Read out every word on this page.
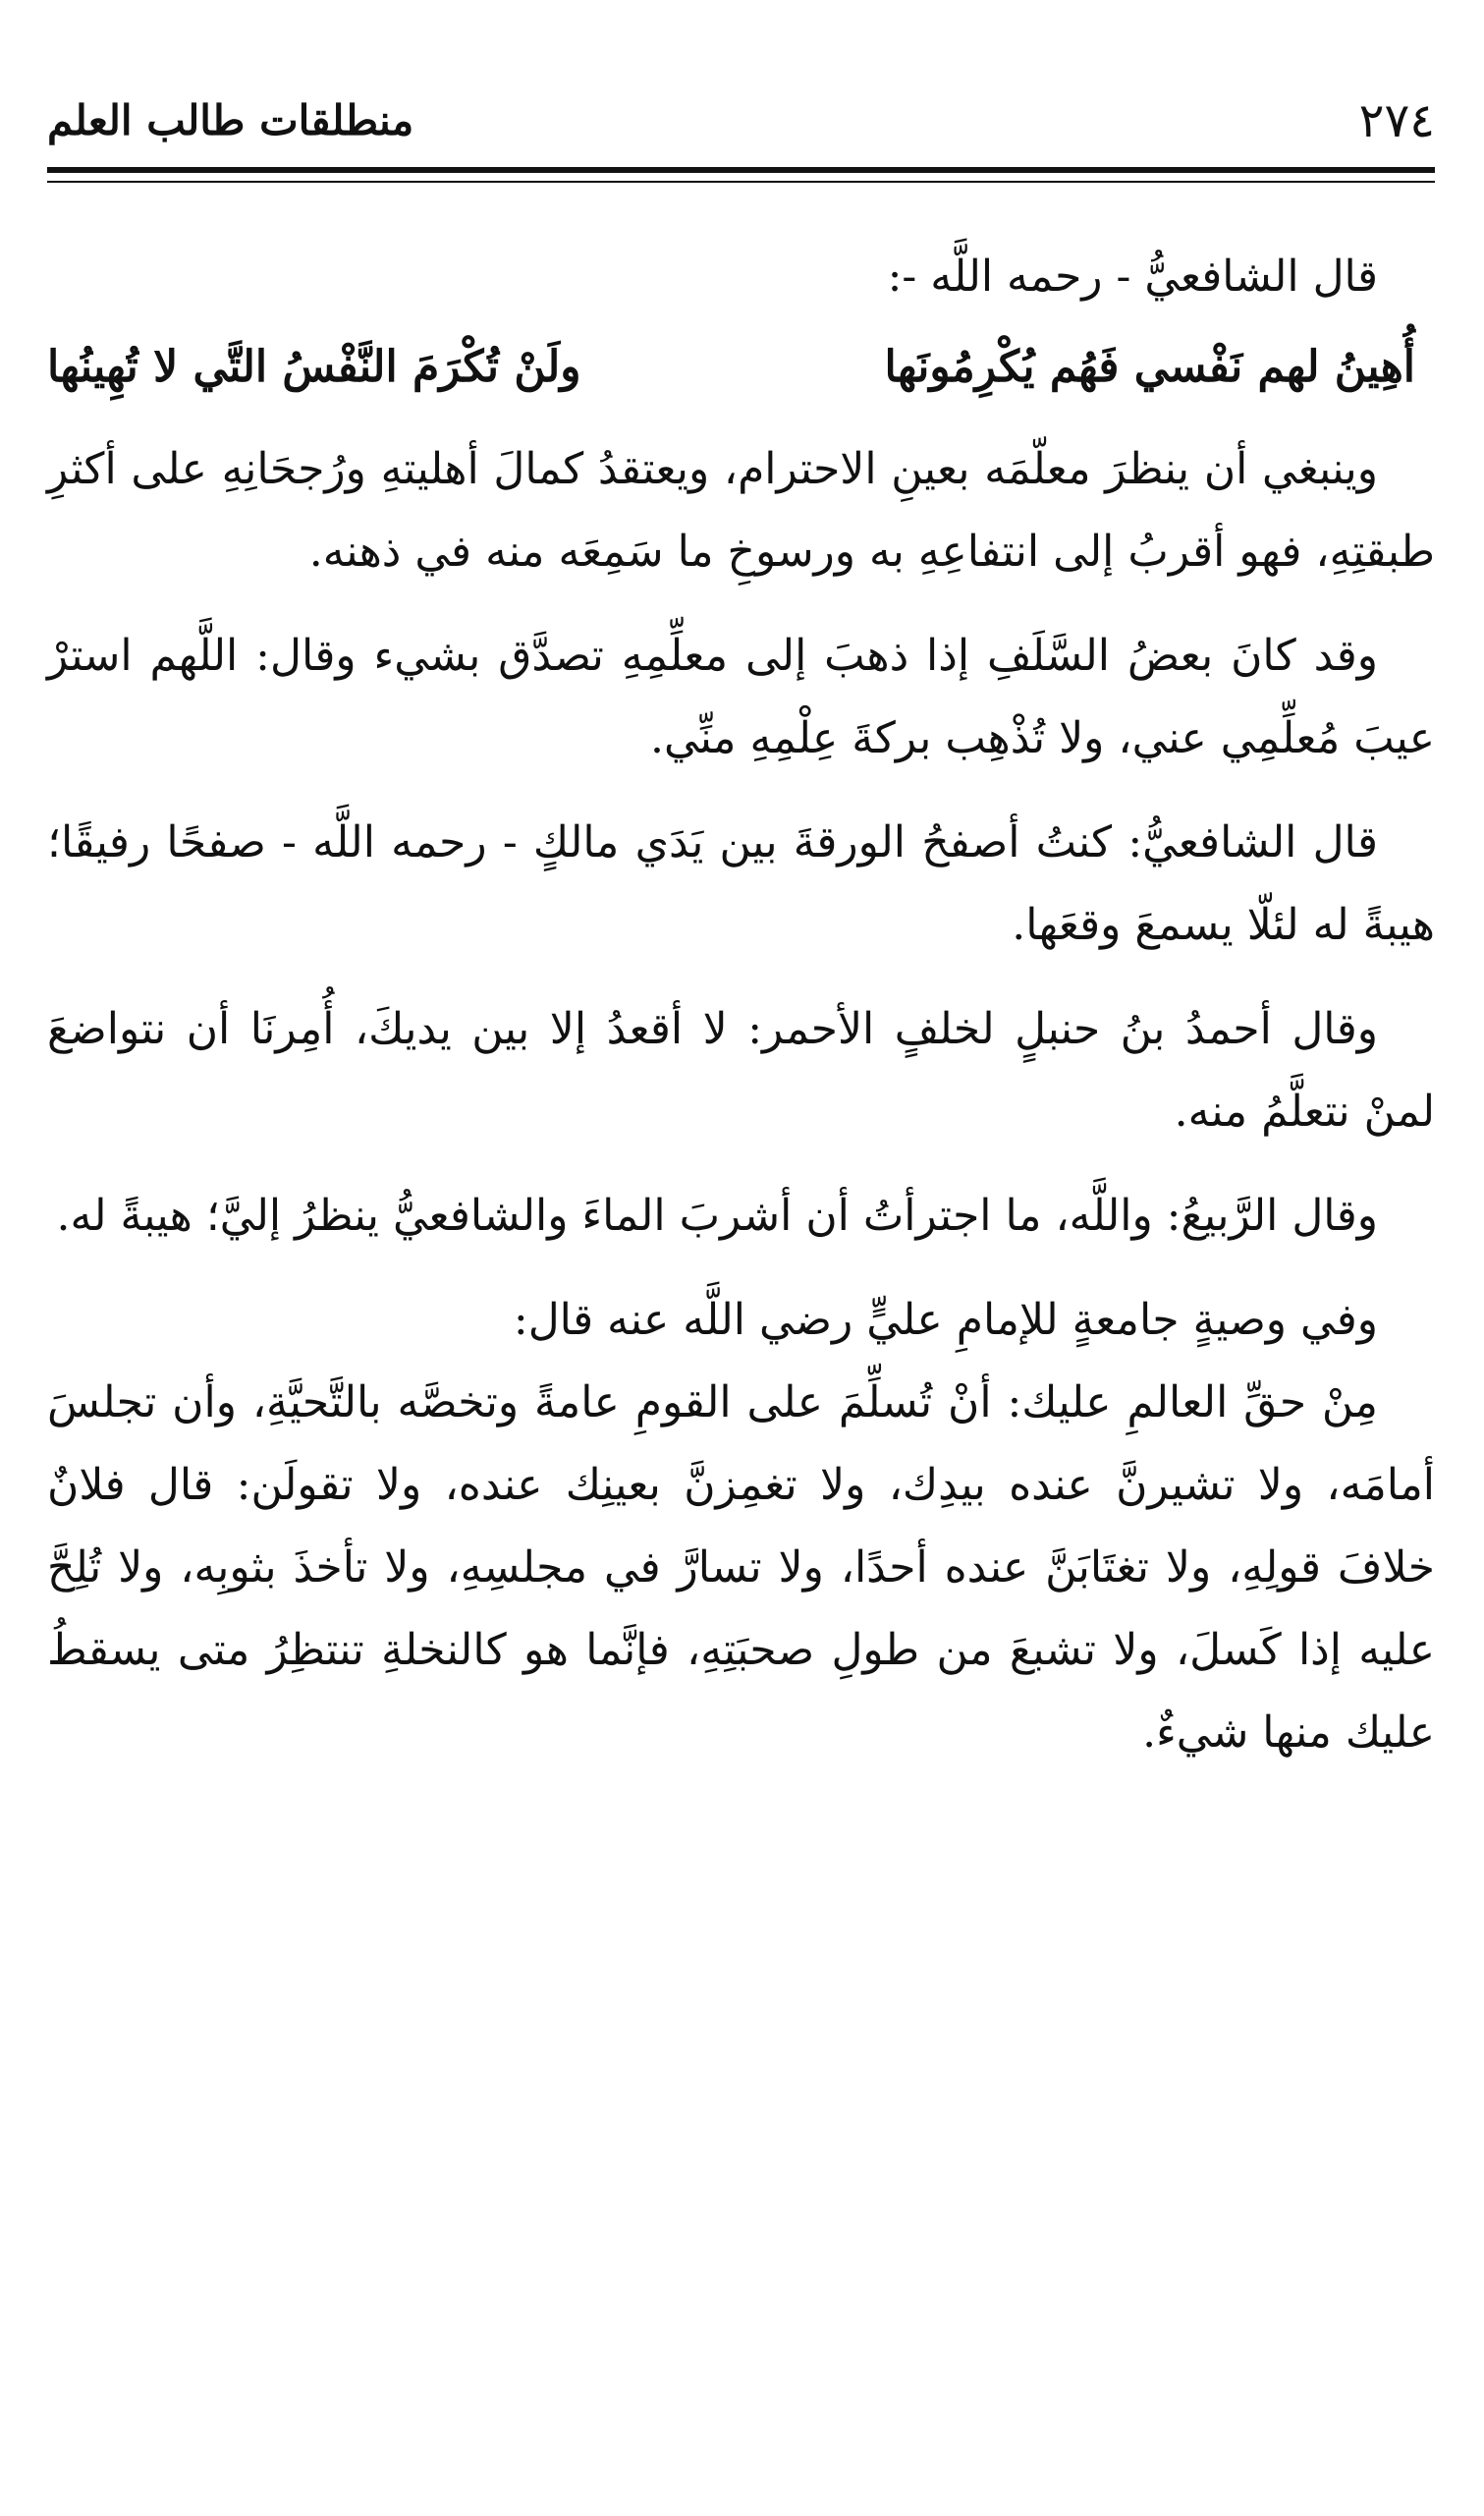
منطلقات طالب العلم	٢٧٤

قال الشافعيُّ - رحمه اللَّه -:

أُهِينُ لهم نَفْسي فَهُم يُكْرِمُونَها
ولَنْ تُكْرَمَ النَّفْسُ التَّي لا تُهِينُها

وينبغي أن ينظرَ معلّمَه بعينِ الاحترام، ويعتقدُ كمالَ أهليتهِ ورُجحَانِهِ على أكثرِ طبقتِهِ، فهو أقربُ إلى انتفاعِهِ به ورسوخِ ما سَمِعَه منه في ذهنه.

وقد كانَ بعضُ السَّلَفِ إذا ذهبَ إلى معلِّمِهِ تصدَّق بشيء وقال: اللَّهم استرْ عيبَ مُعلِّمِي عني، ولا تُذْهِب بركةَ عِلْمِهِ منِّي.

قال الشافعيُّ: كنتُ أصفحُ الورقةَ بين يَدَي مالكٍ - رحمه اللَّه - صفحًا رفيقًا؛ هيبةً له لئلّا يسمعَ وقعَها.

وقال أحمدُ بنُ حنبلٍ لخلفٍ الأحمر: لا أقعدُ إلا بين يديكَ، أُمِرنَا أن نتواضعَ لمنْ نتعلَّمُ منه.

وقال الرَّبيعُ: واللَّه، ما اجترأتُ أن أشربَ الماءَ والشافعيُّ ينظرُ إليَّ؛ هيبةً له.

وفي وصيةٍ جامعةٍ للإمامِ عليٍّ رضي اللَّه عنه قال:

مِنْ حقِّ العالمِ عليك: أنْ تُسلِّمَ على القومِ عامةً وتخصَّه بالتَّحيَّةِ، وأن تجلسَ أمامَه، ولا تشيرنَّ عنده بيدِك، ولا تغمِزنَّ بعينِك عنده، ولا تقولَن: قال فلانٌ خلافَ قولِهِ، ولا تغتَابَنَّ عنده أحدًا، ولا تسارَّ في مجلسِهِ، ولا تأخذَ بثوبِه، ولا تُلِحَّ عليه إذا كَسلَ، ولا تشبعَ من طولِ صحبَتِهِ، فإنَّما هو كالنخلةِ تنتظِرُ متى يسقطُ عليك منها شيءٌ.
